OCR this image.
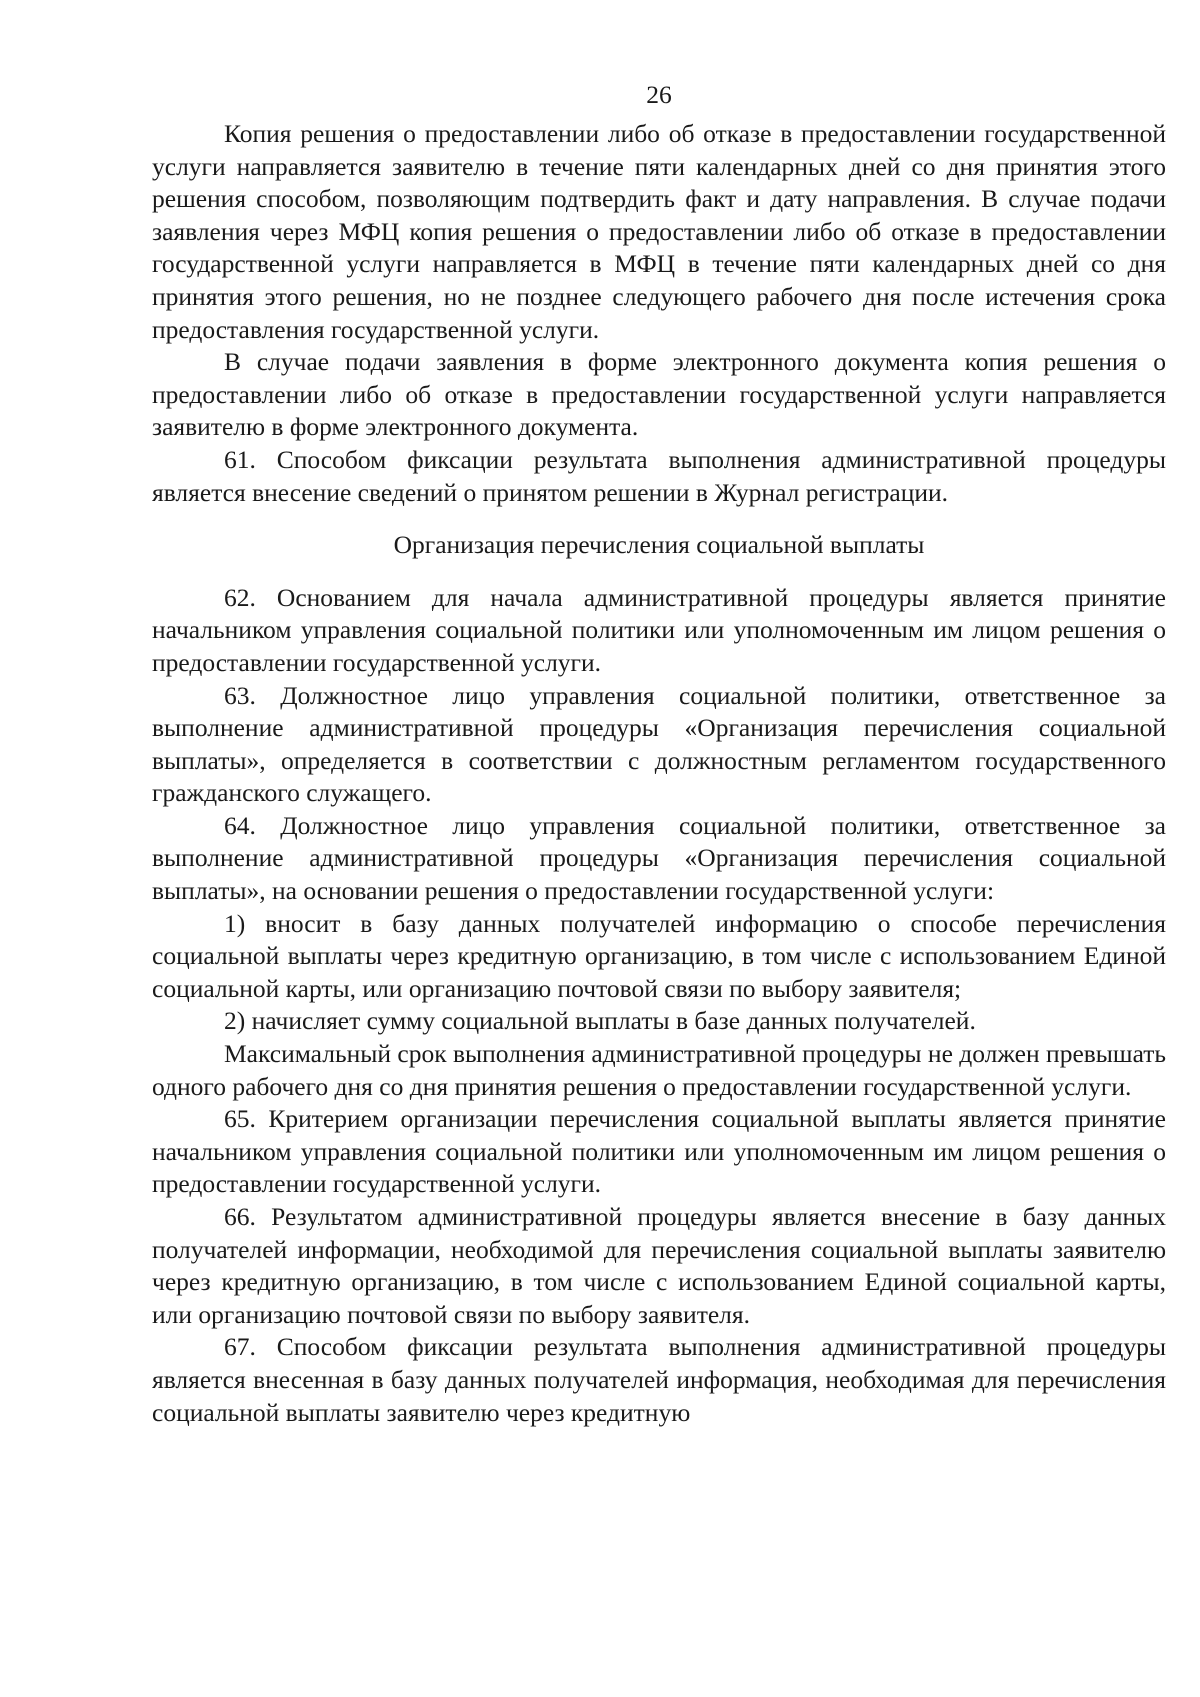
26

Копия решения о предоставлении либо об отказе в предоставлении государственной услуги направляется заявителю в течение пяти календарных дней со дня принятия этого решения способом, позволяющим подтвердить факт и дату направления. В случае подачи заявления через МФЦ копия решения о предоставлении либо об отказе в предоставлении государственной услуги направляется в МФЦ в течение пяти календарных дней со дня принятия этого решения, но не позднее следующего рабочего дня после истечения срока предоставления государственной услуги.

В случае подачи заявления в форме электронного документа копия решения о предоставлении либо об отказе в предоставлении государственной услуги направляется заявителю в форме электронного документа.

61. Способом фиксации результата выполнения административной процедуры является внесение сведений о принятом решении в Журнал регистрации.

Организация перечисления социальной выплаты

62. Основанием для начала административной процедуры является принятие начальником управления социальной политики или уполномоченным им лицом решения о предоставлении государственной услуги.

63. Должностное лицо управления социальной политики, ответственное за выполнение административной процедуры «Организация перечисления социальной выплаты», определяется в соответствии с должностным регламентом государственного гражданского служащего.

64. Должностное лицо управления социальной политики, ответственное за выполнение административной процедуры «Организация перечисления социальной выплаты», на основании решения о предоставлении государственной услуги:

1) вносит в базу данных получателей информацию о способе перечисления социальной выплаты через кредитную организацию, в том числе с использованием Единой социальной карты, или организацию почтовой связи по выбору заявителя;

2) начисляет сумму социальной выплаты в базе данных получателей.

Максимальный срок выполнения административной процедуры не должен превышать одного рабочего дня со дня принятия решения о предоставлении государственной услуги.

65. Критерием организации перечисления социальной выплаты является принятие начальником управления социальной политики или уполномоченным им лицом решения о предоставлении государственной услуги.

66. Результатом административной процедуры является внесение в базу данных получателей информации, необходимой для перечисления социальной выплаты заявителю через кредитную организацию, в том числе с использованием Единой социальной карты, или организацию почтовой связи по выбору заявителя.

67. Способом фиксации результата выполнения административной процедуры является внесенная в базу данных получателей информация, необходимая для перечисления социальной выплаты заявителю через кредитную
